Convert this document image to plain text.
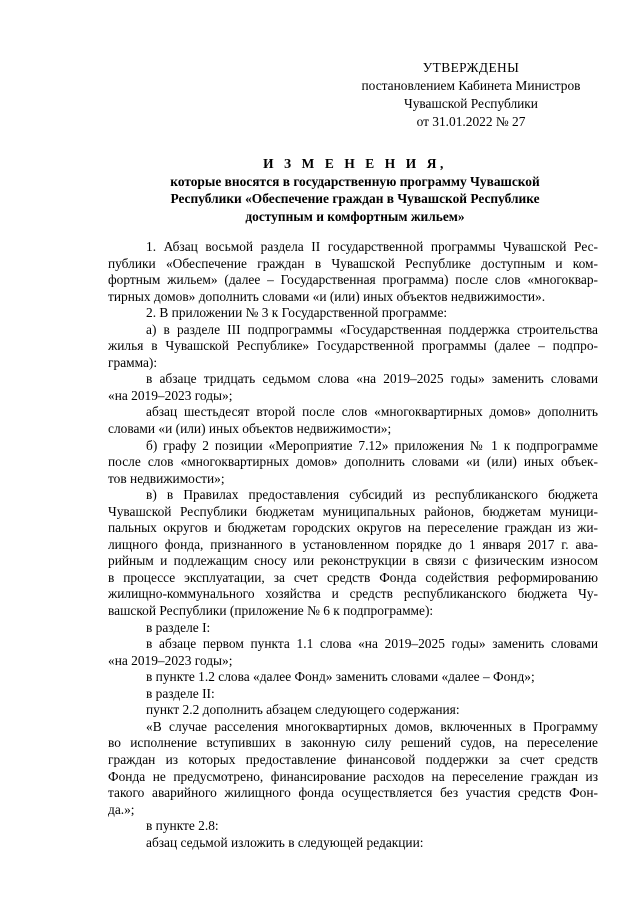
УТВЕРЖДЕНЫ
постановлением Кабинета Министров
Чувашской Республики
от 31.01.2022 № 27
И З М Е Н Е Н И Я,
которые вносятся в государственную программу Чувашской
Республики «Обеспечение граждан в Чувашской Республике
доступным и комфортным жильем»
1. Абзац восьмой раздела II государственной программы Чувашской Рес-
публики «Обеспечение граждан в Чувашской Республике доступным и ком-
фортным жильем» (далее – Государственная программа) после слов «многоквар-
тирных домов» дополнить словами «и (или) иных объектов недвижимости».
2. В приложении № 3 к Государственной программе:
а) в разделе III подпрограммы «Государственная поддержка строительства
жилья в Чувашской Республике» Государственной программы (далее – подпро-
грамма):
в абзаце тридцать седьмом слова «на 2019–2025 годы» заменить словами
«на 2019–2023 годы»;
абзац шестьдесят второй после слов «многоквартирных домов» дополнить
словами «и (или) иных объектов недвижимости»;
б) графу 2 позиции «Мероприятие 7.12» приложения № 1 к подпрограмме
после слов «многоквартирных домов» дополнить словами «и (или) иных объек-
тов недвижимости»;
в) в Правилах предоставления субсидий из республиканского бюджета
Чувашской Республики бюджетам муниципальных районов, бюджетам муници-
пальных округов и бюджетам городских округов на переселение граждан из жи-
лищного фонда, признанного в установленном порядке до 1 января 2017 г. ава-
рийным и подлежащим сносу или реконструкции в связи с физическим износом
в процессе эксплуатации, за счет средств Фонда содействия реформированию
жилищно-коммунального хозяйства и средств республиканского бюджета Чу-
вашской Республики (приложение № 6 к подпрограмме):
в разделе I:
в абзаце первом пункта 1.1 слова «на 2019–2025 годы» заменить словами
«на 2019–2023 годы»;
в пункте 1.2 слова «далее Фонд» заменить словами «далее – Фонд»;
в разделе II:
пункт 2.2 дополнить абзацем следующего содержания:
«В случае расселения многоквартирных домов, включенных в Программу
во исполнение вступивших в законную силу решений судов, на переселение
граждан из которых предоставление финансовой поддержки за счет средств
Фонда не предусмотрено, финансирование расходов на переселение граждан из
такого аварийного жилищного фонда осуществляется без участия средств Фон-
да.»;
в пункте 2.8:
абзац седьмой изложить в следующей редакции:
